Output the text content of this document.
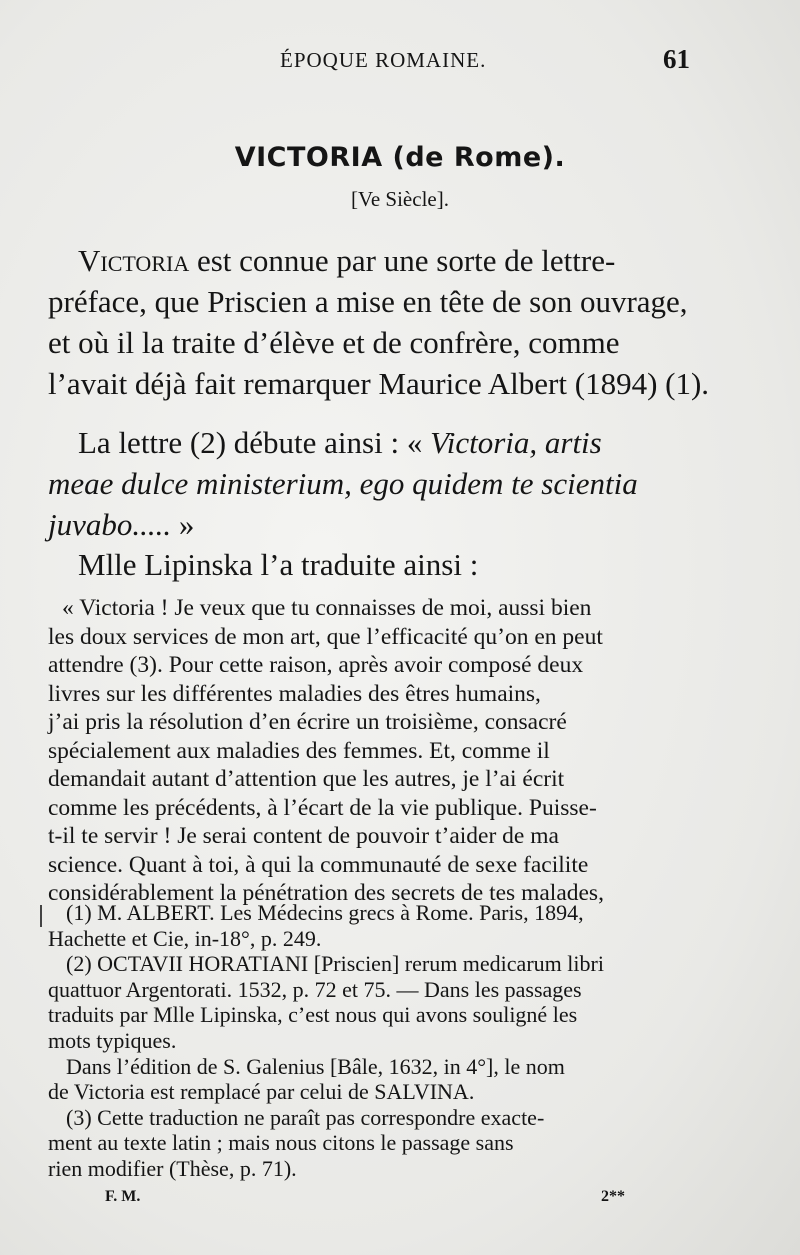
ÉPOQUE ROMAINE.	61
VICTORIA (de Rome).
[Ve Siècle].
Victoria est connue par une sorte de lettre-
préface, que Priscien a mise en tête de son ouvrage,
et où il la traite d’élève et de confrère, comme
l’avait déjà fait remarquer Maurice Albert (1894) (1).
La lettre (2) débute ainsi : « Victoria, artis
meae dulce ministerium, ego quidem te scientia
juvabo..... »
Mlle Lipinska l’a traduite ainsi :
« Victoria ! Je veux que tu connaisses de moi, aussi bien
les doux services de mon art, que l’efficacité qu’on en peut
attendre (3). Pour cette raison, après avoir composé deux
livres sur les différentes maladies des êtres humains,
j’ai pris la résolution d’en écrire un troisième, consacré
spécialement aux maladies des femmes. Et, comme il
demandait autant d’attention que les autres, je l’ai écrit
comme les précédents, à l’écart de la vie publique. Puisse-
t-il te servir ! Je serai content de pouvoir t’aider de ma
science. Quant à toi, à qui la communauté de sexe facilite
considérablement la pénétration des secrets de tes malades,
(1) M. ALBERT. Les Médecins grecs à Rome. Paris, 1894,
Hachette et Cie, in-18°, p. 249.
(2) OCTAVII HORATIANI [Priscien] rerum medicarum libri
quattuor Argentorati. 1532, p. 72 et 75. — Dans les passages
traduits par Mlle Lipinska, c’est nous qui avons souligné les
mots typiques.
Dans l’édition de S. Galenius [Bâle, 1632, in 4°], le nom
de Victoria est remplacé par celui de SALVINA.
(3) Cette traduction ne paraît pas correspondre exacte-
ment au texte latin ; mais nous citons le passage sans
rien modifier (Thèse, p. 71).
F. M.	2**
